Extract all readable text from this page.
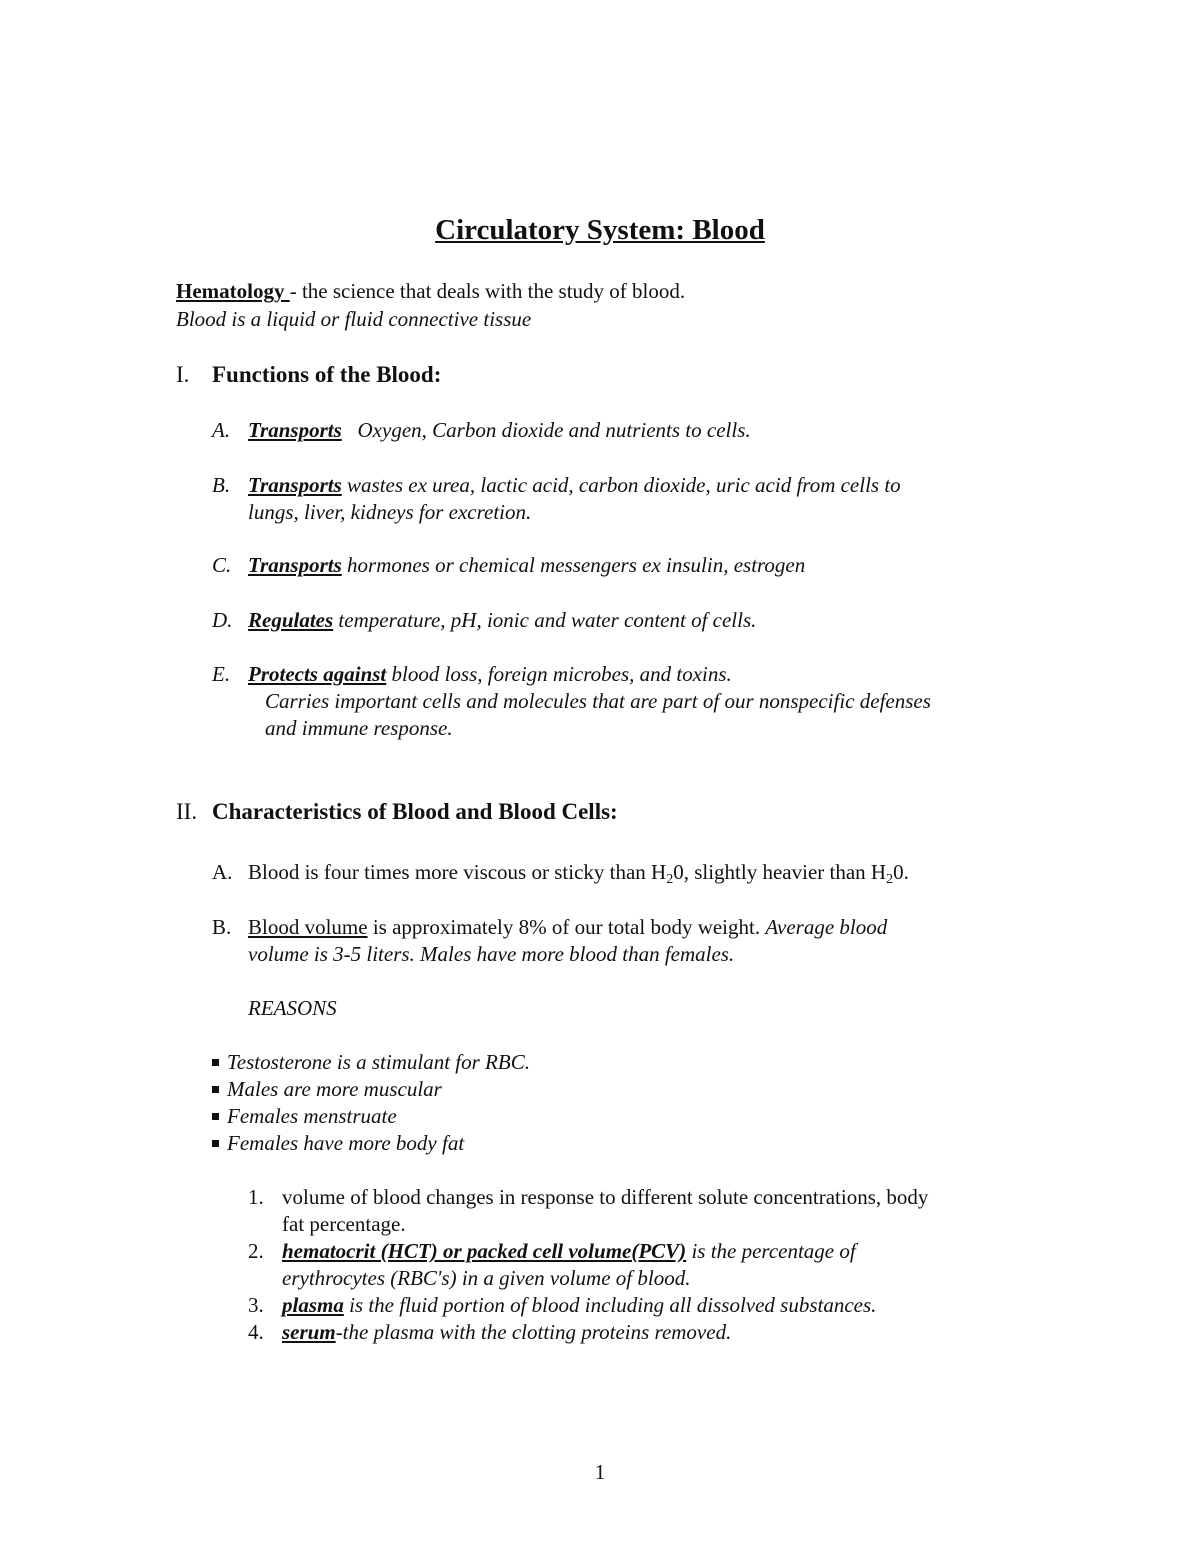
Circulatory System: Blood
Hematology - the science that deals with the study of blood.
Blood is a liquid or fluid connective tissue
I. Functions of the Blood:
A. Transports   Oxygen, Carbon dioxide and nutrients to cells.
B. Transports wastes ex urea, lactic acid, carbon dioxide, uric acid from cells to
lungs, liver, kidneys for excretion.
C. Transports hormones or chemical messengers ex insulin, estrogen
D. Regulates temperature, pH, ionic and water content of cells.
E. Protects against blood loss, foreign microbes, and toxins.
Carries important cells and molecules that are part of our nonspecific defenses
and immune response.
II. Characteristics of Blood and Blood Cells:
A. Blood is four times more viscous or sticky than $H_20$, slightly heavier than $H_20$.
B. Blood volume is approximately 8% of our total body weight. Average blood
volume is 3-5 liters. Males have more blood than females.
REASONS
Testosterone is a stimulant for RBC.
Males are more muscular
Females menstruate
Females have more body fat
1. volume of blood changes in response to different solute concentrations, body
fat percentage.
2. hematocrit (HCT) or packed cell volume(PCV) is the percentage of
erythrocytes (RBC's) in a given volume of blood.
3. plasma is the fluid portion of blood including all dissolved substances.
4. serum-the plasma with the clotting proteins removed.
1
